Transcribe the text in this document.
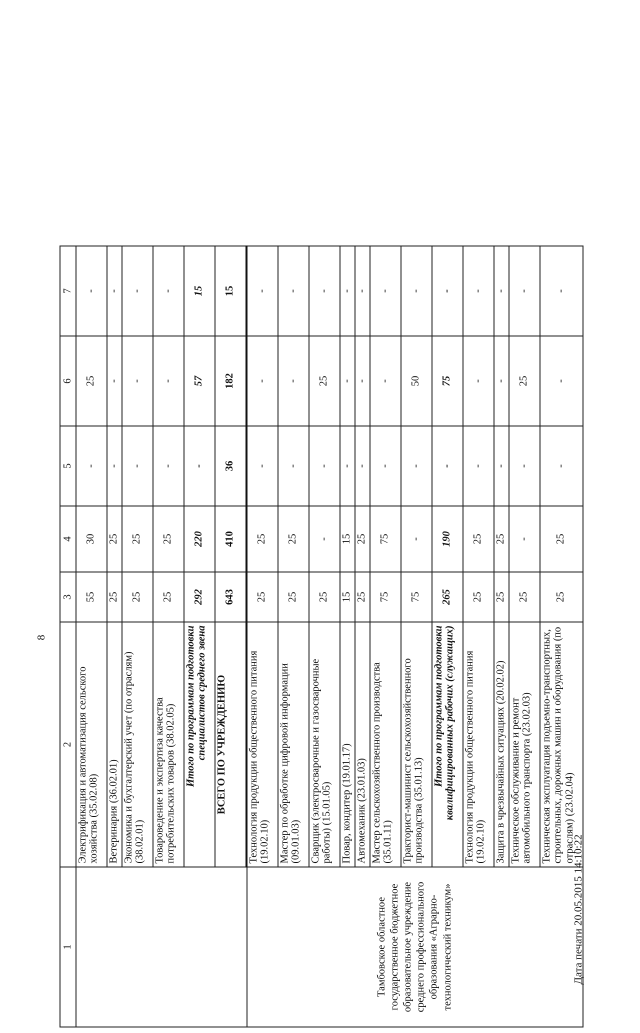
8
1	2	3	4	5	6	7
	Электрификация и автоматизация сельского хозяйства (35.02.08)	55	30	-	25	-
	Ветеринария (36.02.01)	25	25	-	-	-
	Экономика и бухгалтерский учет (по отраслям) (38.02.01)	25	25	-	-	-
	Товароведение и экспертиза качества потребительских товаров (38.02.05)	25	25	-	-	-

	Итого по программам подготовки специалистов среднего звена	292	220	-	57	15
	ВСЕГО ПО УЧРЕЖДЕНИЮ	643	410	36	182	15
Тамбовское областное государственное бюджетное образовательное учреждение среднего профессионального образования «Аграрно-технологический техникум»	Технология продукции общественного питания (19.02.10)	25	25	-	-	-
	Мастер по обработке цифровой информации (09.01.03)	25	25	-	-	-
	Сварщик (электросварочные и газосварочные работы) (15.01.05)	25	-	-	25	-
	Повар, кондитер (19.01.17)	15	15	-	-	-
	Автомеханик (23.01.03)	25	25	-	-	-
	Мастер сельскохозяйственного производства (35.01.11)	75	75	-	-	-
	Тракторист-машинист сельскохозяйственного производства (35.01.13)	75	-	-	50	-

	Итого по программам подготовки квалифицированных рабочих (служащих)	265	190	-	75	-
	Технология продукции общественного питания (19.02.10)	25	25	-	-	-
	Защита в чрезвычайных ситуациях (20.02.02)	25	25	-	-	-
	Техническое обслуживание и ремонт автомобильного транспорта (23.02.03)	25	-	-	25	-
	Техническая эксплуатация подъемно-транспортных, строительных, дорожных машин и оборудования (по отраслям) (23.02.04)	25	25	-	-	-
Дата печати 20.05.2015 14:10:22
